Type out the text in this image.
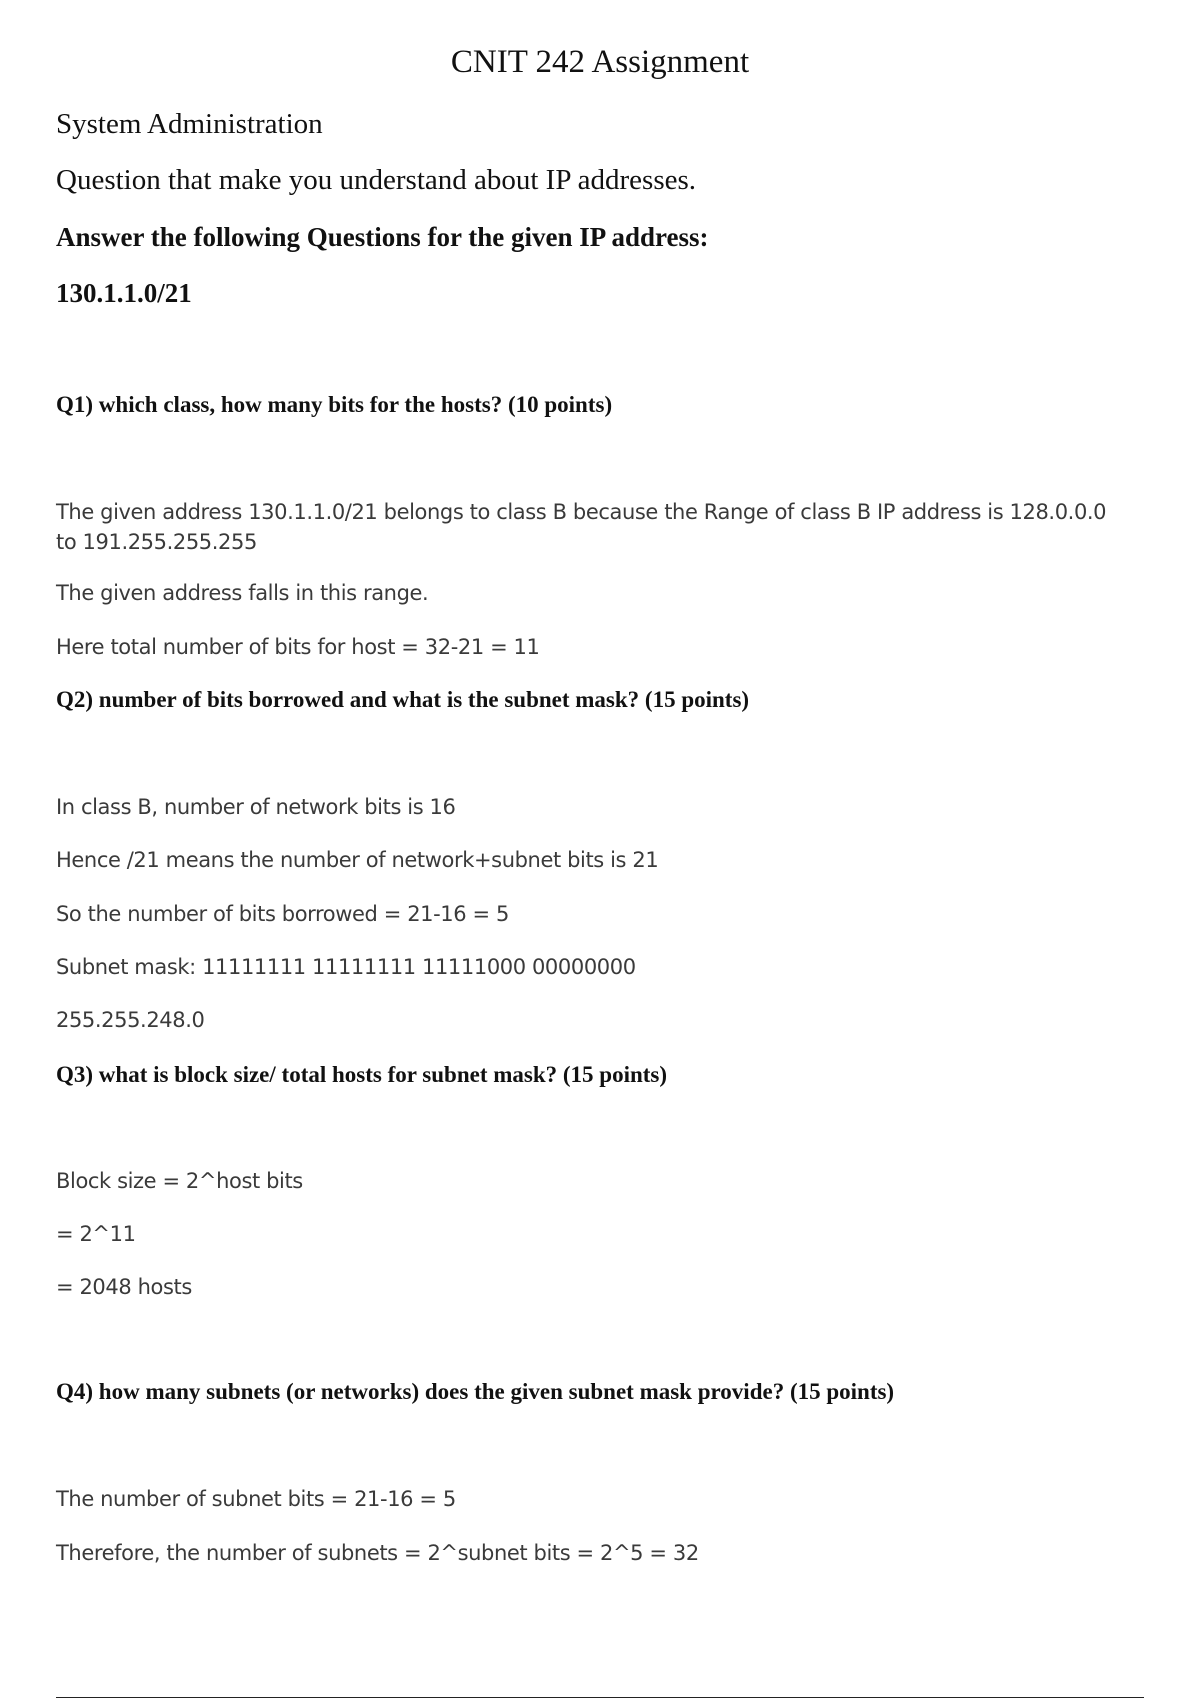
CNIT 242 Assignment
System Administration
Question that make you understand about IP addresses.
Answer the following Questions for the given IP address:
130.1.1.0/21
Q1) which class, how many bits for the hosts? (10 points)
The given address 130.1.1.0/21 belongs to class B because the Range of class B IP address is 128.0.0.0 to 191.255.255.255
The given address falls in this range.
Here total number of bits for host = 32-21 = 11
Q2) number of bits borrowed and what is the subnet mask? (15 points)
In class B, number of network bits is 16
Hence /21 means the number of network+subnet bits is 21
So the number of bits borrowed = 21-16 = 5
Subnet mask: 11111111 11111111 11111000 00000000
255.255.248.0
Q3) what is block size/ total hosts for subnet mask? (15 points)
Block size = 2^host bits
= 2^11
= 2048 hosts
Q4) how many subnets (or networks) does the given subnet mask provide? (15 points)
The number of subnet bits = 21-16 = 5
Therefore, the number of subnets = 2^subnet bits = 2^5 = 32
